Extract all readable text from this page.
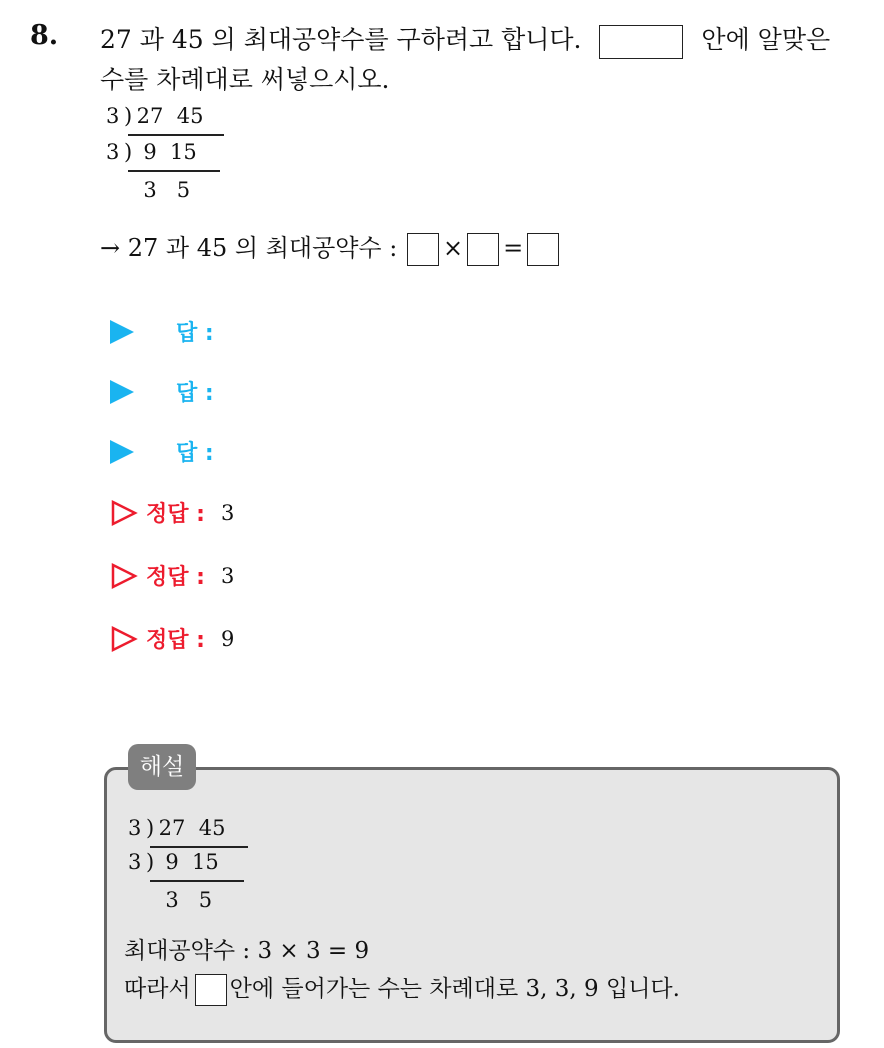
8. 27 과 45 의 최대공약수를 구하려고 합니다.	안에 알맞은
수를 차례대로 써넣으시오.
3 )
27  45
3 )
9  15
3   5
→ 27 과 45 의 최대공약수 : × =
답 :
답 :
답 :
정답 : 3
정답 : 3
정답 : 9
해설
3 )
27  45
3 )
9  15
3   5
최대공약수 : 3 × 3 = 9
따라서 안에 들어가는 수는 차례대로 3, 3, 9 입니다.
